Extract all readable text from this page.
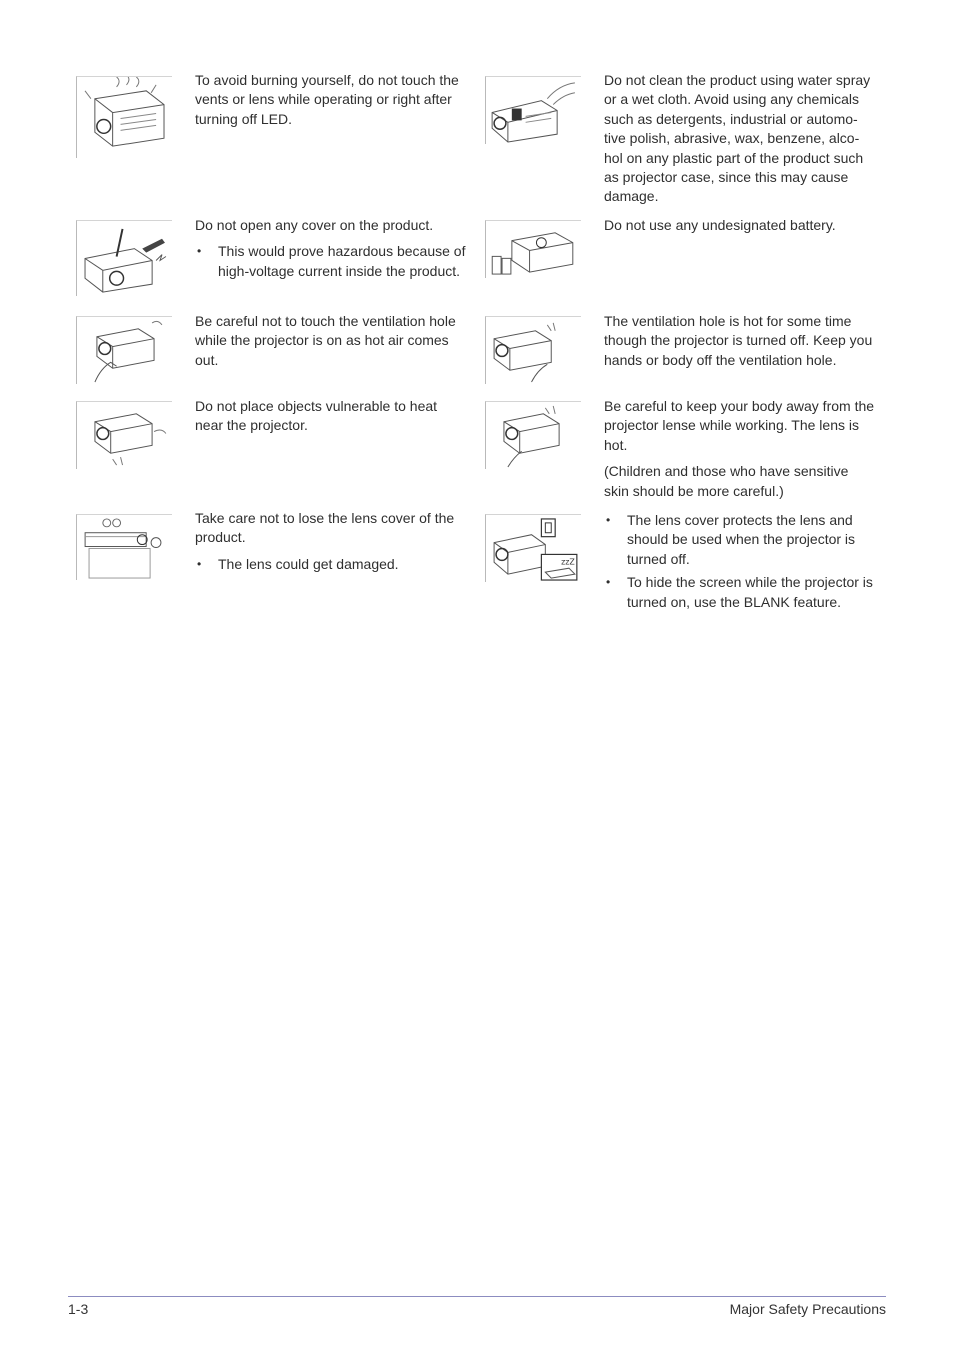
To avoid burning yourself, do not touch the vents or lens while operating or right after turning off LED.

Do not clean the product using water spray or a wet cloth. Avoid using any chemicals such as detergents, industrial or automo-tive polish, abrasive, wax, benzene, alco-hol on any plastic part of the product such as projector case, since this may cause damage.

Do not open any cover on the product.

• This would prove hazardous because of high-voltage current inside the product.

Do not use any undesignated battery.

Be careful not to touch the ventilation hole while the projector is on as hot air comes out.

The ventilation hole is hot for some time though the projector is turned off. Keep you hands or body off the ventilation hole.

Do not place objects vulnerable to heat near the projector.

Be careful to keep your body away from the projector lense while working. The lens is hot.

(Children and those who have sensitive skin should be more careful.)

Take care not to lose the lens cover of the product.

• The lens could get damaged.	zzZ
• The lens cover protects the lens and should be used when the projector is turned off.
• To hide the screen while the projector is turned on, use the BLANK feature.
1-3	Major Safety Precautions
